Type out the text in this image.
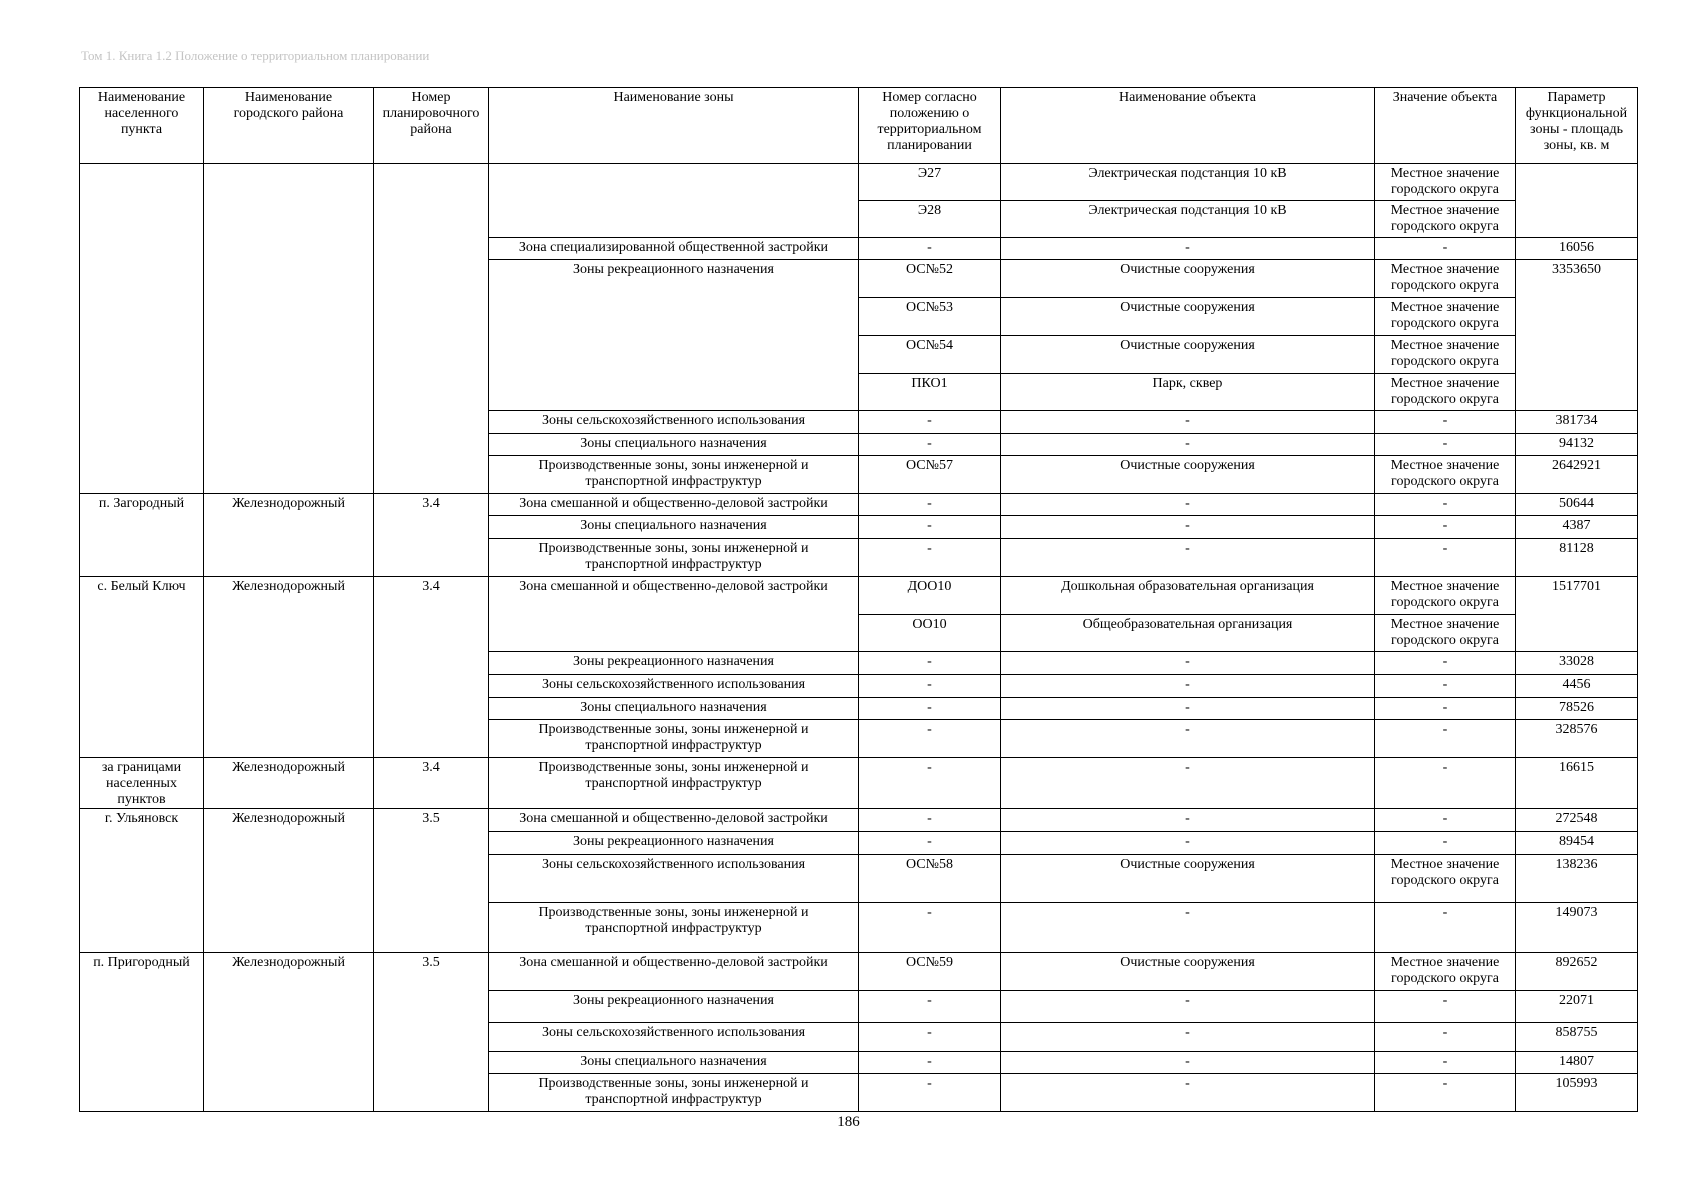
Том 1. Книга 1.2 Положение о территориальном планировании
Наименование населенного пункта	Наименование городского района	Номер планировочного района	Наименование зоны	Номер согласно положению о территориальном планировании	Наименование объекта	Значение объекта	Параметр функциональной зоны - площадь зоны, кв. м
				Э27	Электрическая подстанция 10 кВ	Местное значение городского округа	
				Э28	Электрическая подстанция 10 кВ	Местное значение городского округа	
			Зона специализированной общественной застройки	-	-	-	16056
			Зоны рекреационного назначения	ОС№52	Очистные сооружения	Местное значение городского округа	3353650
				ОС№53	Очистные сооружения	Местное значение городского округа	
				ОС№54	Очистные сооружения	Местное значение городского округа	
				ПКО1	Парк, сквер	Местное значение городского округа	
			Зоны сельскохозяйственного использования	-	-	-	381734
			Зоны специального назначения	-	-	-	94132
			Производственные зоны, зоны инженерной и транспортной инфраструктур	ОС№57	Очистные сооружения	Местное значение городского округа	2642921
п. Загородный	Железнодорожный	3.4	Зона смешанной и общественно-деловой застройки	-	-	-	50644
			Зоны специального назначения	-	-	-	4387
			Производственные зоны, зоны инженерной и транспортной инфраструктур	-	-	-	81128
с. Белый Ключ	Железнодорожный	3.4	Зона смешанной и общественно-деловой застройки	ДОО10	Дошкольная образовательная организация	Местное значение городского округа	1517701
				ОО10	Общеобразовательная организация	Местное значение городского округа	
			Зоны рекреационного назначения	-	-	-	33028
			Зоны сельскохозяйственного использования	-	-	-	4456
			Зоны специального назначения	-	-	-	78526
			Производственные зоны, зоны инженерной и транспортной инфраструктур	-	-	-	328576
за границами населенных пунктов	Железнодорожный	3.4	Производственные зоны, зоны инженерной и транспортной инфраструктур	-	-	-	16615
г. Ульяновск	Железнодорожный	3.5	Зона смешанной и общественно-деловой застройки	-	-	-	272548
			Зоны рекреационного назначения	-	-	-	89454
			Зоны сельскохозяйственного использования	ОС№58	Очистные сооружения	Местное значение городского округа	138236
			Производственные зоны, зоны инженерной и транспортной инфраструктур	-	-	-	149073
п. Пригородный	Железнодорожный	3.5	Зона смешанной и общественно-деловой застройки	ОС№59	Очистные сооружения	Местное значение городского округа	892652
			Зоны рекреационного назначения	-	-	-	22071
			Зоны сельскохозяйственного использования	-	-	-	858755
			Зоны специального назначения	-	-	-	14807
			Производственные зоны, зоны инженерной и транспортной инфраструктур	-	-	-	105993
186
